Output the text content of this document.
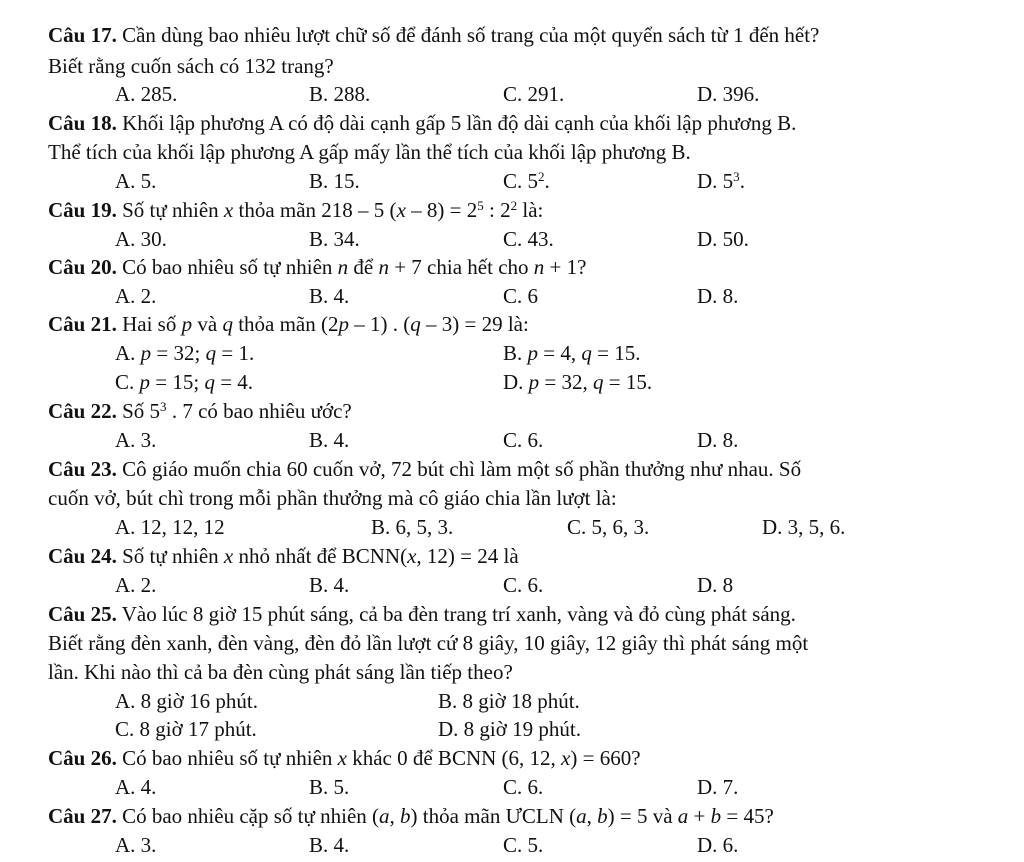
Câu 17. Cần dùng bao nhiêu lượt chữ số để đánh số trang của một quyển sách từ 1 đến hết?
Biết rằng cuốn sách có 132 trang?
A. 285.	B. 288.	C. 291.	D. 396.
Câu 18. Khối lập phương A có độ dài cạnh gấp 5 lần độ dài cạnh của khối lập phương B.
Thể tích của khối lập phương A gấp mấy lần thể tích của khối lập phương B.
A. 5.	B. 15.	C. $5^2$.	D. $5^3$.
Câu 19. Số tự nhiên x thỏa mãn 218 – 5 $(x - 8) = 2^5$ : $2^2$ là:
A. 30.	B. 34.	C. 43.	D. 50.
Câu 20. Có bao nhiêu số tự nhiên n để n + 7 chia hết cho n + 1?
A. 2.	B. 4.	C. 6	D. 8.
Câu 21. Hai số p và q thỏa mãn (2p – 1) . (q – 3) = 29 là:
A. p = 32; q = 1.	B. p = 4, q = 15.
C. p = 15; q = 4.	D. p = 32, q = 15.
Câu 22. Số $5^3$ . 7 có bao nhiêu ước?
A. 3.	B. 4.	C. 6.	D. 8.
Câu 23. Cô giáo muốn chia 60 cuốn vở, 72 bút chì làm một số phần thưởng như nhau. Số
cuốn vở, bút chì trong mỗi phần thưởng mà cô giáo chia lần lượt là:
A. 12, 12, 12	B. 6, 5, 3.	C. 5, 6, 3.	D. 3, 5, 6.
Câu 24. Số tự nhiên x nhỏ nhất để BCNN(x, 12) = 24 là
A. 2.	B. 4.	C. 6.	D. 8
Câu 25. Vào lúc 8 giờ 15 phút sáng, cả ba đèn trang trí xanh, vàng và đỏ cùng phát sáng.
Biết rằng đèn xanh, đèn vàng, đèn đỏ lần lượt cứ 8 giây, 10 giây, 12 giây thì phát sáng một
lần. Khi nào thì cả ba đèn cùng phát sáng lần tiếp theo?
A. 8 giờ 16 phút.	B. 8 giờ 18 phút.
C. 8 giờ 17 phút.	D. 8 giờ 19 phút.
Câu 26. Có bao nhiêu số tự nhiên x khác 0 để BCNN (6, 12, x) = 660?
A. 4.	B. 5.	C. 6.	D. 7.
Câu 27. Có bao nhiêu cặp số tự nhiên (a, b) thỏa mãn ƯCLN (a, b) = 5 và a + b = 45?
A. 3.	B. 4.	C. 5.	D. 6.
